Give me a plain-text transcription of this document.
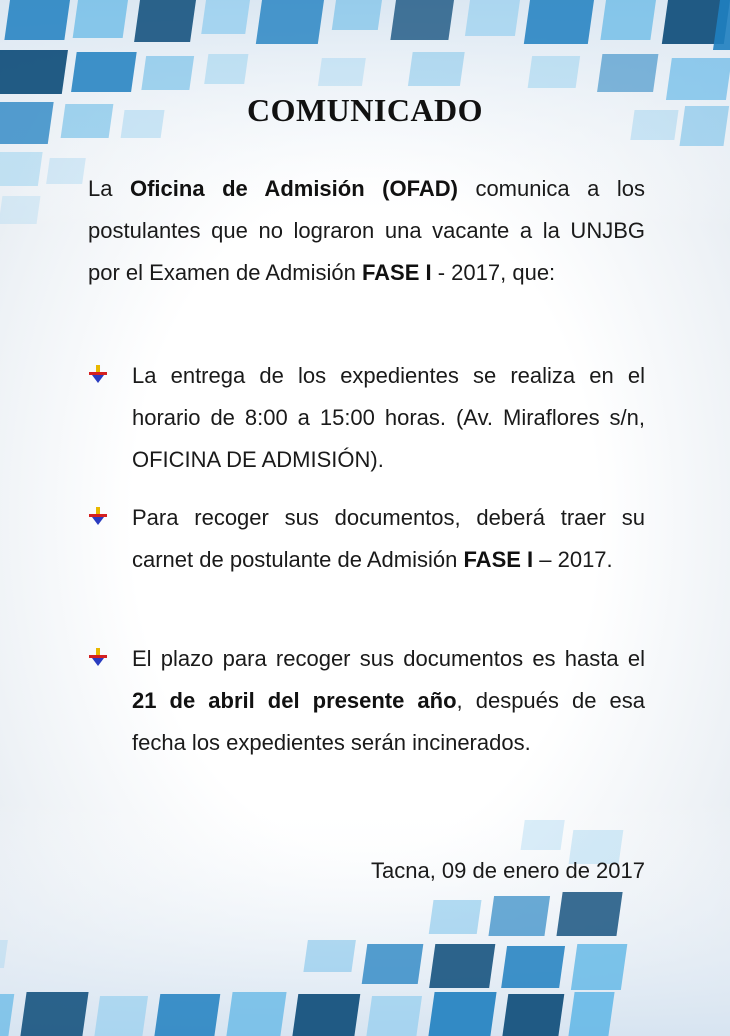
COMUNICADO
La Oficina de Admisión (OFAD) comunica a los postulantes que no lograron una vacante a la UNJBG por el Examen de Admisión FASE I - 2017, que:
La entrega de los expedientes se realiza en el horario de 8:00 a 15:00 horas. (Av. Miraflores s/n, OFICINA DE ADMISIÓN).
Para recoger sus documentos, deberá traer su carnet de postulante de Admisión FASE I – 2017.
El plazo para recoger sus documentos es hasta el 21 de abril del presente año, después de esa fecha los expedientes serán incinerados.
Tacna, 09 de enero de 2017
